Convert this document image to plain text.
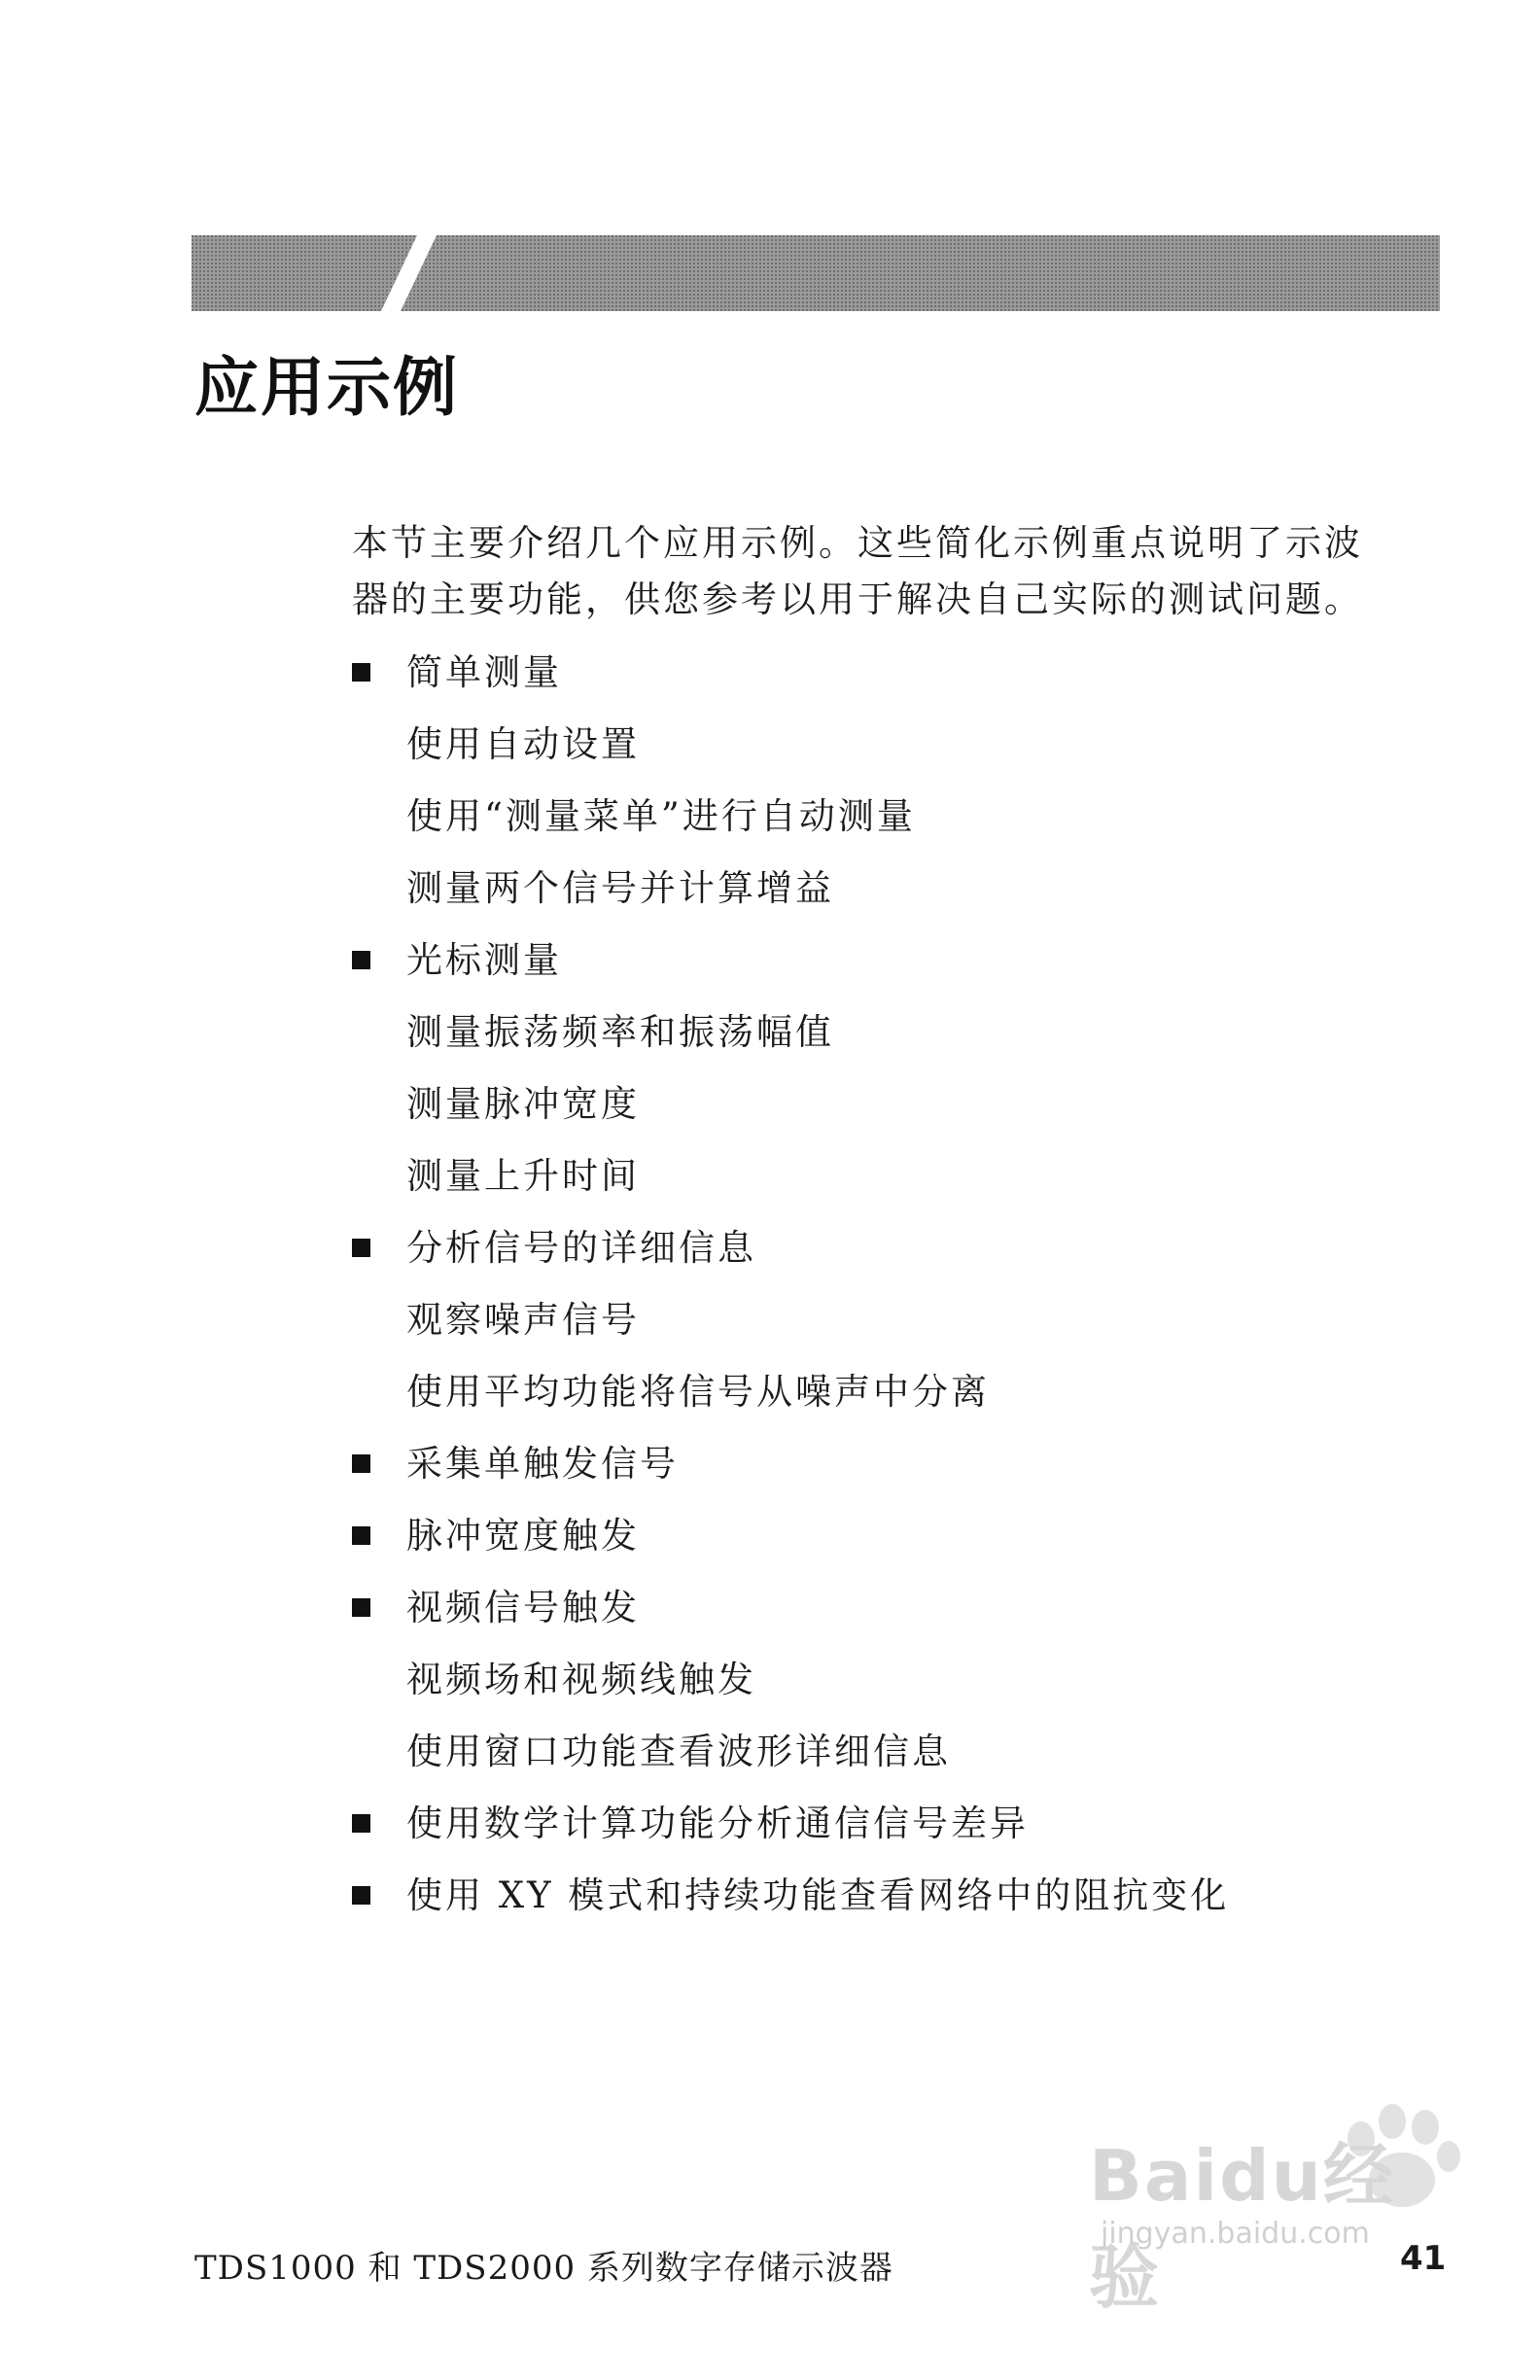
应用示例

本节主要介绍几个应用示例。这些简化示例重点说明了示波

器的主要功能，供您参考以用于解决自己实际的测试问题。

简单测量
使用自动设置
使用“测量菜单”进行自动测量
测量两个信号并计算增益
光标测量
测量振荡频率和振荡幅值
测量脉冲宽度
测量上升时间
分析信号的详细信息
观察噪声信号
使用平均功能将信号从噪声中分离
采集单触发信号
脉冲宽度触发
视频信号触发
视频场和视频线触发
使用窗口功能查看波形详细信息
使用数学计算功能分析通信信号差异
使用 XY 模式和持续功能查看网络中的阻抗变化
Baidu经验
jingyan.baidu.com
TDS1000 和 TDS2000 系列数字存储示波器	41
